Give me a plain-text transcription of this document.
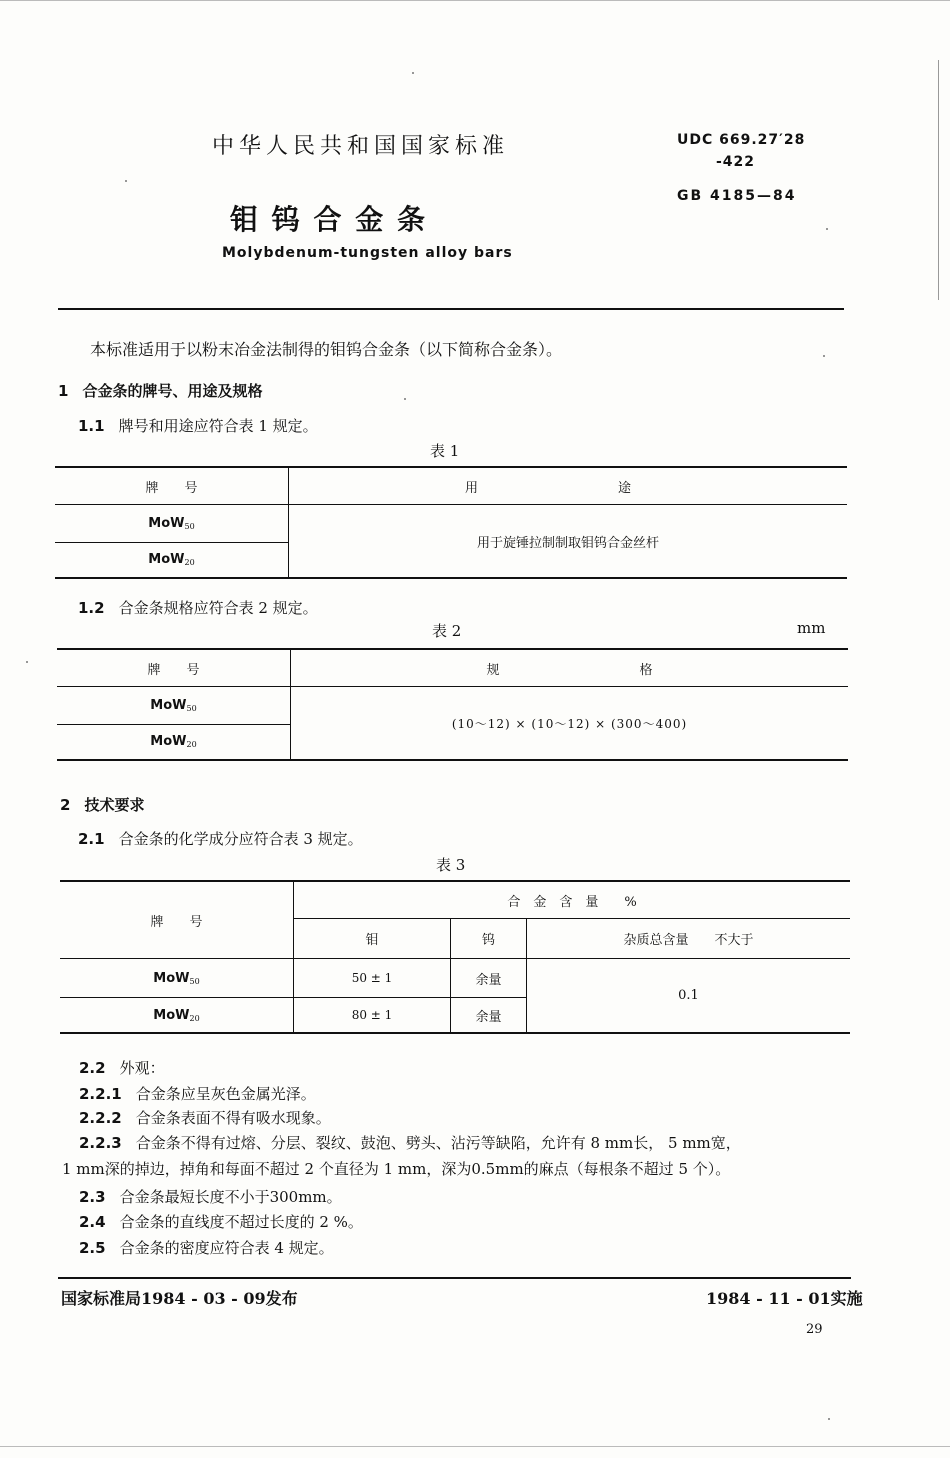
中华人民共和国国家标准
钼 钨 合 金 条
Molybdenum-tungsten alloy bars
UDC 669.27′28
-422
GB 4185—84
本标准适用于以粉末冶金法制得的钼钨合金条（以下简称合金条）。
1 合金条的牌号、用途及规格
1.1 牌号和用途应符合表 1 规定。
表 1
牌　　号	用 途
MoW$_{50}$	用于旋锤拉制制取钼钨合金丝杆
MoW$_{20}$
1.2 合金条规格应符合表 2 规定。
表 2	mm
牌　　号	规 格
MoW$_{50}$	(10～12) × (10～12) × (300～400)
MoW$_{20}$
2 技术要求
2.1 合金条的化学成分应符合表 3 规定。
表 3
牌　　号	合　金　含　量　　%		
	钼	钨	杂质总含量　　不大于
MoW$_{50}$	50 ± 1	余量	0.1
MoW$_{20}$	80 ± 1	余量	
2.2 外观：
2.2.1 合金条应呈灰色金属光泽。
2.2.2 合金条表面不得有吸水现象。
2.2.3 合金条不得有过熔、分层、裂纹、鼓泡、劈头、沾污等缺陷，允许有 8 mm长， 5 mm宽，
1 mm深的掉边，掉角和每面不超过 2 个直径为 1 mm，深为0.5mm的麻点（每根条不超过 5 个）。
2.3 合金条最短长度不小于300mm。
2.4 合金条的直线度不超过长度的 2 %。
2.5 合金条的密度应符合表 4 规定。
国家标准局1984 - 03 - 09发布	1984 - 11 - 01实施
29
